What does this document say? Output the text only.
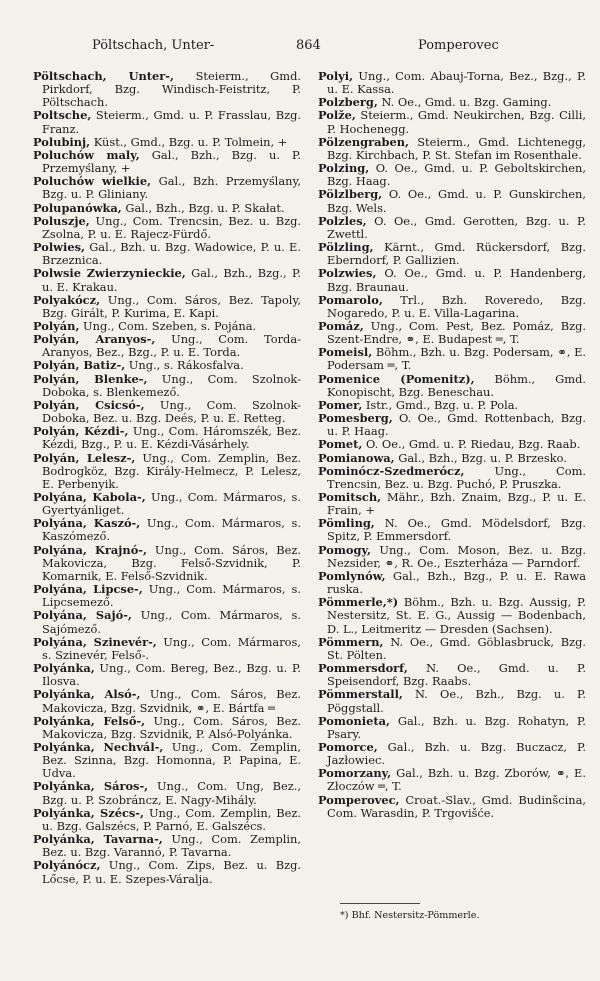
Pöltschach, Unter-	864	Pomperovec

Pöltschach, Unter-, Steierm., Gmd. Pirkdorf, Bzg. Windisch-Feistritz, P. Pöltschach.

Poltsche, Steierm., Gmd. u. P. Frasslau, Bzg. Franz.

Polubinj, Küst., Gmd., Bzg. u. P. Tolmein, +

Poluchów maly, Gal., Bzh., Bzg. u. P. Przemyślany, +

Poluchów wielkie, Gal., Bzh. Przemyślany, Bzg. u. P. Gliniany.

Polupanówka, Gal., Bzh., Bzg. u. P. Skałat.

Poluszje, Ung., Com. Trencsin, Bez. u. Bzg. Zsolna, P. u. E. Rajecz-Fürdő.

Polwies, Gal., Bzh. u. Bzg. Wadowice, P. u. E. Brzeznica.

Polwsie Zwierzynieckie, Gal., Bzh., Bzg., P. u. E. Krakau.

Polyakócz, Ung., Com. Sáros, Bez. Tapoly, Bzg. Girált, P. Kurima, E. Kapi.

Polyán, Ung., Com. Szeben, s. Pojána.

Polyán, Aranyos-, Ung., Com. Torda-Aranyos, Bez., Bzg., P. u. E. Torda.

Polyán, Batiz-, Ung., s. Rákosfalva.

Polyán, Blenke-, Ung., Com. Szolnok-Doboka, s. Blenkemező.

Polyán, Csicsó-, Ung., Com. Szolnok-Doboka, Bez. u. Bzg. Deés, P. u. E. Retteg.

Polyán, Kézdi-, Ung., Com. Háromszék, Bez. Kézdi, Bzg., P. u. E. Kézdi-Vásárhely.

Polyán, Lelesz-, Ung., Com. Zemplin, Bez. Bodrogköz, Bzg. Király-Helmecz, P. Lelesz, E. Perbenyik.

Polyána, Kabola-, Ung., Com. Mármaros, s. Gyertyánliget.

Polyána, Kaszó-, Ung., Com. Mármaros, s. Kaszómező.

Polyána, Krajnó-, Ung., Com. Sáros, Bez. Makovicza, Bzg. Felső-Szvidnik, P. Komarnik, E. Felső-Szvidnik.

Polyána, Lipcse-, Ung., Com. Mármaros, s. Lipcsemező.

Polyána, Sajó-, Ung., Com. Mármaros, s. Sajómező.

Polyána, Szinevér-, Ung., Com. Mármaros, s. Szinevér, Felső-.

Polyánka, Ung., Com. Bereg, Bez., Bzg. u. P. Ilosva.

Polyánka, Alsó-, Ung., Com. Sáros, Bez. Makovicza, Bzg. Szvidnik, ⚭, E. Bártfa ═

Polyánka, Felső-, Ung., Com. Sáros, Bez. Makovicza, Bzg. Szvidnik, P. Alsó-Polyánka.

Polyánka, Nechvál-, Ung., Com. Zemplin, Bez. Szinna, Bzg. Homonna, P. Papina, E. Udva.

Polyánka, Sáros-, Ung., Com. Ung, Bez., Bzg. u. P. Szobráncz, E. Nagy-Mihály.

Polyánka, Szécs-, Ung., Com. Zemplin, Bez. u. Bzg. Galszécs, P. Parnó, E. Galszécs.

Polyánka, Tavarna-, Ung., Com. Zemplin, Bez. u. Bzg. Varannó, P. Tavarna.

Polyánócz, Ung., Com. Zips, Bez. u. Bzg. Lőcse, P. u. E. Szepes-Váralja.

Polyi, Ung., Com. Abauj-Torna, Bez., Bzg., P. u. E. Kassa.

Polzberg, N. Oe., Gmd. u. Bzg. Gaming.

Polže, Steierm., Gmd. Neukirchen, Bzg. Cilli, P. Hochenegg.

Pölzengraben, Steierm., Gmd. Lichtenegg, Bzg. Kirchbach, P. St. Stefan im Rosenthale.

Polzing, O. Oe., Gmd. u. P. Geboltskirchen, Bzg. Haag.

Pölzlberg, O. Oe., Gmd. u. P. Gunskirchen, Bzg. Wels.

Polzles, O. Oe., Gmd. Gerotten, Bzg. u. P. Zwettl.

Pölzling, Kärnt., Gmd. Rückersdorf, Bzg. Eberndorf, P. Gallizien.

Polzwies, O. Oe., Gmd. u. P. Handenberg, Bzg. Braunau.

Pomarolo, Trl., Bzh. Roveredo, Bzg. Nogaredo, P. u. E. Villa-Lagarina.

Pomáz, Ung., Com. Pest, Bez. Pomáz, Bzg. Szent-Endre, ⚭, E. Budapest ═, T.

Pomeisl, Böhm., Bzh. u. Bzg. Podersam, ⚭, E. Podersam ═, T.

Pomenice (Pomenitz), Böhm., Gmd. Konopischt, Bzg. Beneschau.

Pomer, Istr., Gmd., Bzg. u. P. Pola.

Pomesberg, O. Oe., Gmd. Rottenbach, Bzg. u. P. Haag.

Pomet, O. Oe., Gmd. u. P. Riedau, Bzg. Raab.

Pomianowa, Gal., Bzh., Bzg. u. P. Brzesko.

Pominócz-Szedmerócz, Ung., Com. Trencsin, Bez. u. Bzg. Puchó, P. Pruszka.

Pomitsch, Mähr., Bzh. Znaim, Bzg., P. u. E. Frain, +

Pömling, N. Oe., Gmd. Mödelsdorf, Bzg. Spitz, P. Emmersdorf.

Pomogy, Ung., Com. Moson, Bez. u. Bzg. Nezsider, ⚭, R. Oe., Eszterháza — Parndorf.

Pomlynów, Gal., Bzh., Bzg., P. u. E. Rawa ruska.

Pömmerle,*) Böhm., Bzh. u. Bzg. Aussig, P. Nestersitz, St. E. G., Aussig — Bodenbach, D. L., Leitmeritz — Dresden (Sachsen).

Pömmern, N. Oe., Gmd. Göblasbruck, Bzg. St. Pölten.

Pommersdorf, N. Oe., Gmd. u. P. Speisendorf, Bzg. Raabs.

Pömmerstall, N. Oe., Bzh., Bzg. u. P. Pöggstall.

Pomonieta, Gal., Bzh. u. Bzg. Rohatyn, P. Psary.

Pomorce, Gal., Bzh. u. Bzg. Buczacz, P. Jazłowiec.

Pomorzany, Gal., Bzh. u. Bzg. Zborów, ⚭, E. Złoczów ═, T.

Pomperovec, Croat.-Slav., Gmd. Budinšcina, Com. Warasdin, P. Trgovišće.

*) Bhf. Nestersitz-Pömmerle.
